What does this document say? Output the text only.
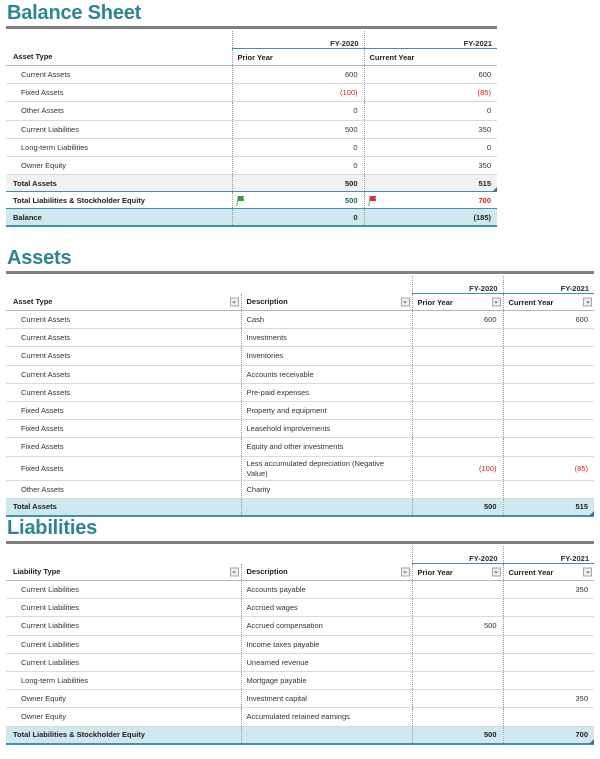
Balance Sheet

	FY-2020	FY-2021
Asset Type	Prior Year	Current Year
Current Assets	600	600
Fixed Assets	(100)	(85)
Other Assets	0	0
Current Liabilities	500	350
Long-term Liabilities	0	0
Owner Equity	0	350
Total Assets	500	515

Total Liabilities & Stockholder Equity	500	700
Balance	0	(185)
Assets

		FY-2020	FY-2021
Asset Type	Description	Prior Year	Current Year

Current Assets	Cash	600	600
Current Assets	Investments		
Current Assets	Inventories		
Current Assets	Accounts receivable		
Current Assets	Pre-paid expenses		
Fixed Assets	Property and equipment		
Fixed Assets	Leasehold improvements		
Fixed Assets	Equity and other investments		
Fixed Assets	Less accumulated depreciation (Negative Value)	(100)	(85)
Other Assets	Charity		
Total Assets		500	515
Liabilities

		FY-2020	FY-2021
Liability Type	Description	Prior Year	Current Year

Current Liabilities	Accounts payable		350
Current Liabilities	Accrued wages		
Current Liabilities	Accrued compensation	500	
Current Liabilities	Income taxes payable		
Current Liabilities	Unearned revenue		
Long-term Liabilities	Mortgage payable		
Owner Equity	Investment capital		350
Owner Equity	Accumulated retained earnings		
Total Liabilities & Stockholder Equity		500	700
